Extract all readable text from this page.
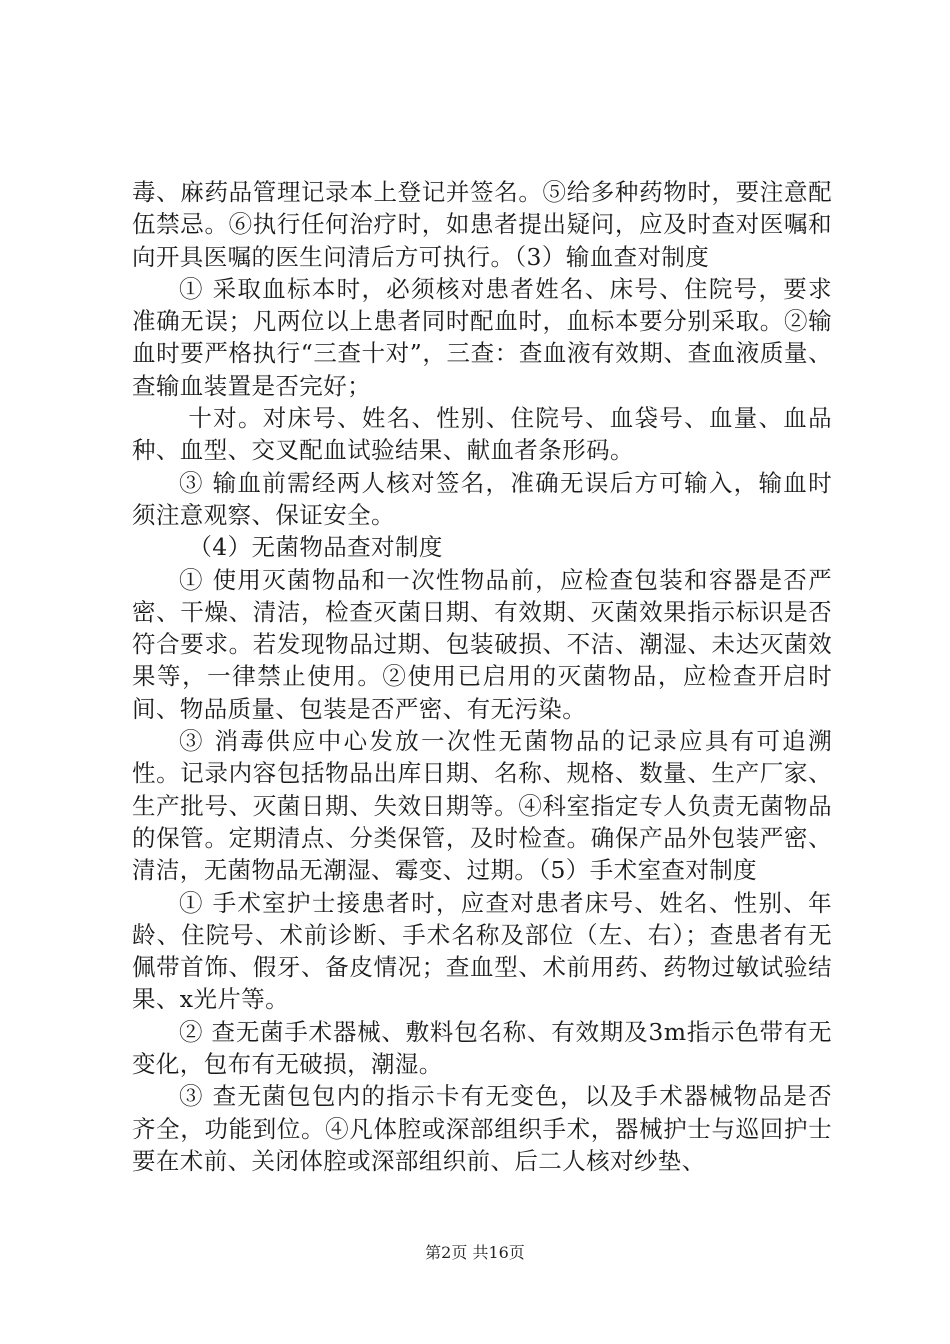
毒、麻药品管理记录本上登记并签名。⑤给多种药物时，要注意配伍禁忌。⑥执行任何治疗时，如患者提出疑问，应及时查对医嘱和向开具医嘱的医生问清后方可执行。（3）输血查对制度

① 采取血标本时，必须核对患者姓名、床号、住院号，要求准确无误；凡两位以上患者同时配血时，血标本要分别采取。②输血时要严格执行“三查十对”，三查：查血液有效期、查血液质量、查输血装置是否完好；

十对。对床号、姓名、性别、住院号、血袋号、血量、血品种、血型、交叉配血试验结果、献血者条形码。

③ 输血前需经两人核对签名，准确无误后方可输入，输血时须注意观察、保证安全。

（4）无菌物品查对制度

① 使用灭菌物品和一次性物品前，应检查包装和容器是否严密、干燥、清洁，检查灭菌日期、有效期、灭菌效果指示标识是否符合要求。若发现物品过期、包装破损、不洁、潮湿、未达灭菌效果等，一律禁止使用。②使用已启用的灭菌物品，应检查开启时间、物品质量、包装是否严密、有无污染。

③ 消毒供应中心发放一次性无菌物品的记录应具有可追溯性。记录内容包括物品出库日期、名称、规格、数量、生产厂家、生产批号、灭菌日期、失效日期等。④科室指定专人负责无菌物品的保管。定期清点、分类保管，及时检查。确保产品外包装严密、清洁，无菌物品无潮湿、霉变、过期。（5）手术室查对制度

① 手术室护士接患者时，应查对患者床号、姓名、性别、年龄、住院号、术前诊断、手术名称及部位（左、右）；查患者有无佩带首饰、假牙、备皮情况；查血型、术前用药、药物过敏试验结果、x光片等。

② 查无菌手术器械、敷料包名称、有效期及3m指示色带有无变化，包布有无破损，潮湿。

③ 查无菌包包内的指示卡有无变色，以及手术器械物品是否齐全，功能到位。④凡体腔或深部组织手术，器械护士与巡回护士要在术前、关闭体腔或深部组织前、后二人核对纱垫、

第2页 共16页
